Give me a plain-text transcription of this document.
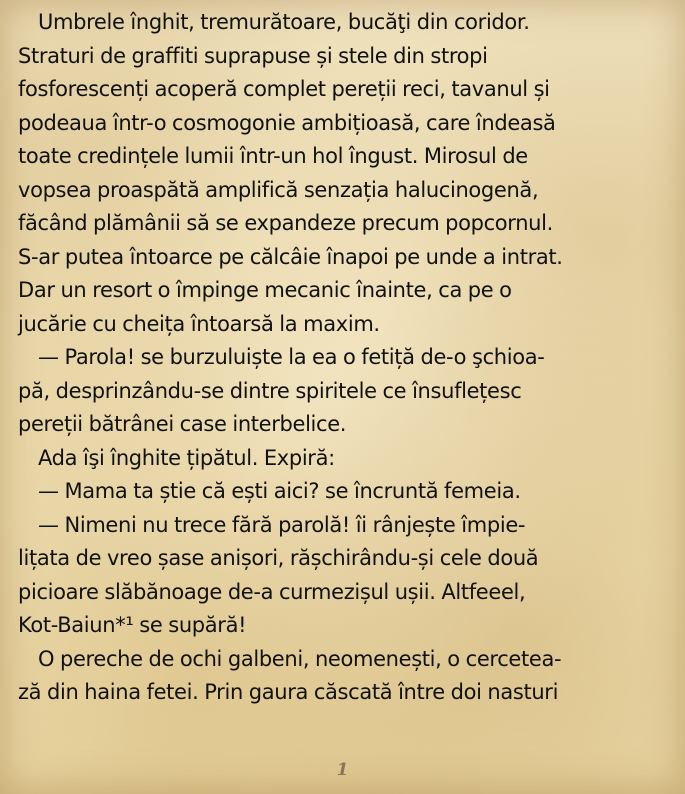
Umbrele înghit, tremurătoare, bucăţi din coridor.
Straturi de graffiti suprapuse și stele din stropi
fosforescenți acoperă complet pereții reci, tavanul și
podeaua într-o cosmogonie ambițioasă, care îndeasă
toate credințele lumii într-un hol îngust. Mirosul de
vopsea proaspătă amplifică senzația halucinogenă,
făcând plămânii să se expandeze precum popcornul.
S-ar putea întoarce pe călcâie înapoi pe unde a intrat.
Dar un resort o împinge mecanic înainte, ca pe o
jucărie cu cheița întoarsă la maxim.
— Parola! se burzuluiște la ea o fetiță de-o şchioa-
pă, desprinzându-se dintre spiritele ce însuflețesc
pereții bătrânei case interbelice.
Ada îşi înghite țipătul. Expiră:
— Mama ta știe că ești aici? se încruntă femeia.
— Nimeni nu trece fără parolă! îi rânjește împie-
lițata de vreo șase anișori, rășchirându-și cele două
picioare slăbănoage de-a curmezișul ușii. Altfeeel,
Kot-Baiun*¹ se supără!
O pereche de ochi galbeni, neomenești, o cercetea-
ză din haina fetei. Prin gaura căscată între doi nasturi
1
